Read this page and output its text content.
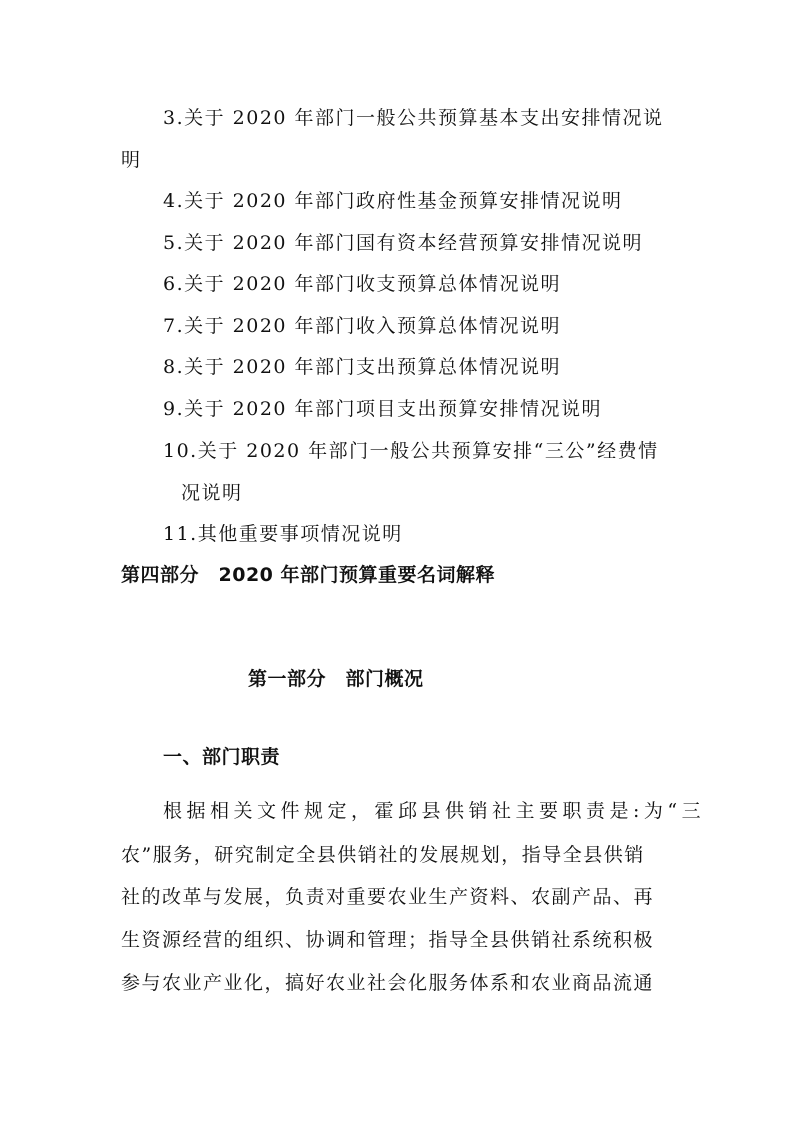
3.关于 2020 年部门一般公共预算基本支出安排情况说
明
4.关于 2020 年部门政府性基金预算安排情况说明
5.关于 2020 年部门国有资本经营预算安排情况说明
6.关于 2020 年部门收支预算总体情况说明
7.关于 2020 年部门收入预算总体情况说明
8.关于 2020 年部门支出预算总体情况说明
9.关于 2020 年部门项目支出预算安排情况说明
10.关于 2020 年部门一般公共预算安排“三公”经费情
况说明
11.其他重要事项情况说明
第四部分　2020 年部门预算重要名词解释
第一部分　部门概况
一、部门职责
根据相关文件规定，霍邱县供销社主要职责是:为“三
农”服务，研究制定全县供销社的发展规划，指导全县供销
社的改革与发展，负责对重要农业生产资料、农副产品、再
生资源经营的组织、协调和管理；指导全县供销社系统积极
参与农业产业化，搞好农业社会化服务体系和农业商品流通
